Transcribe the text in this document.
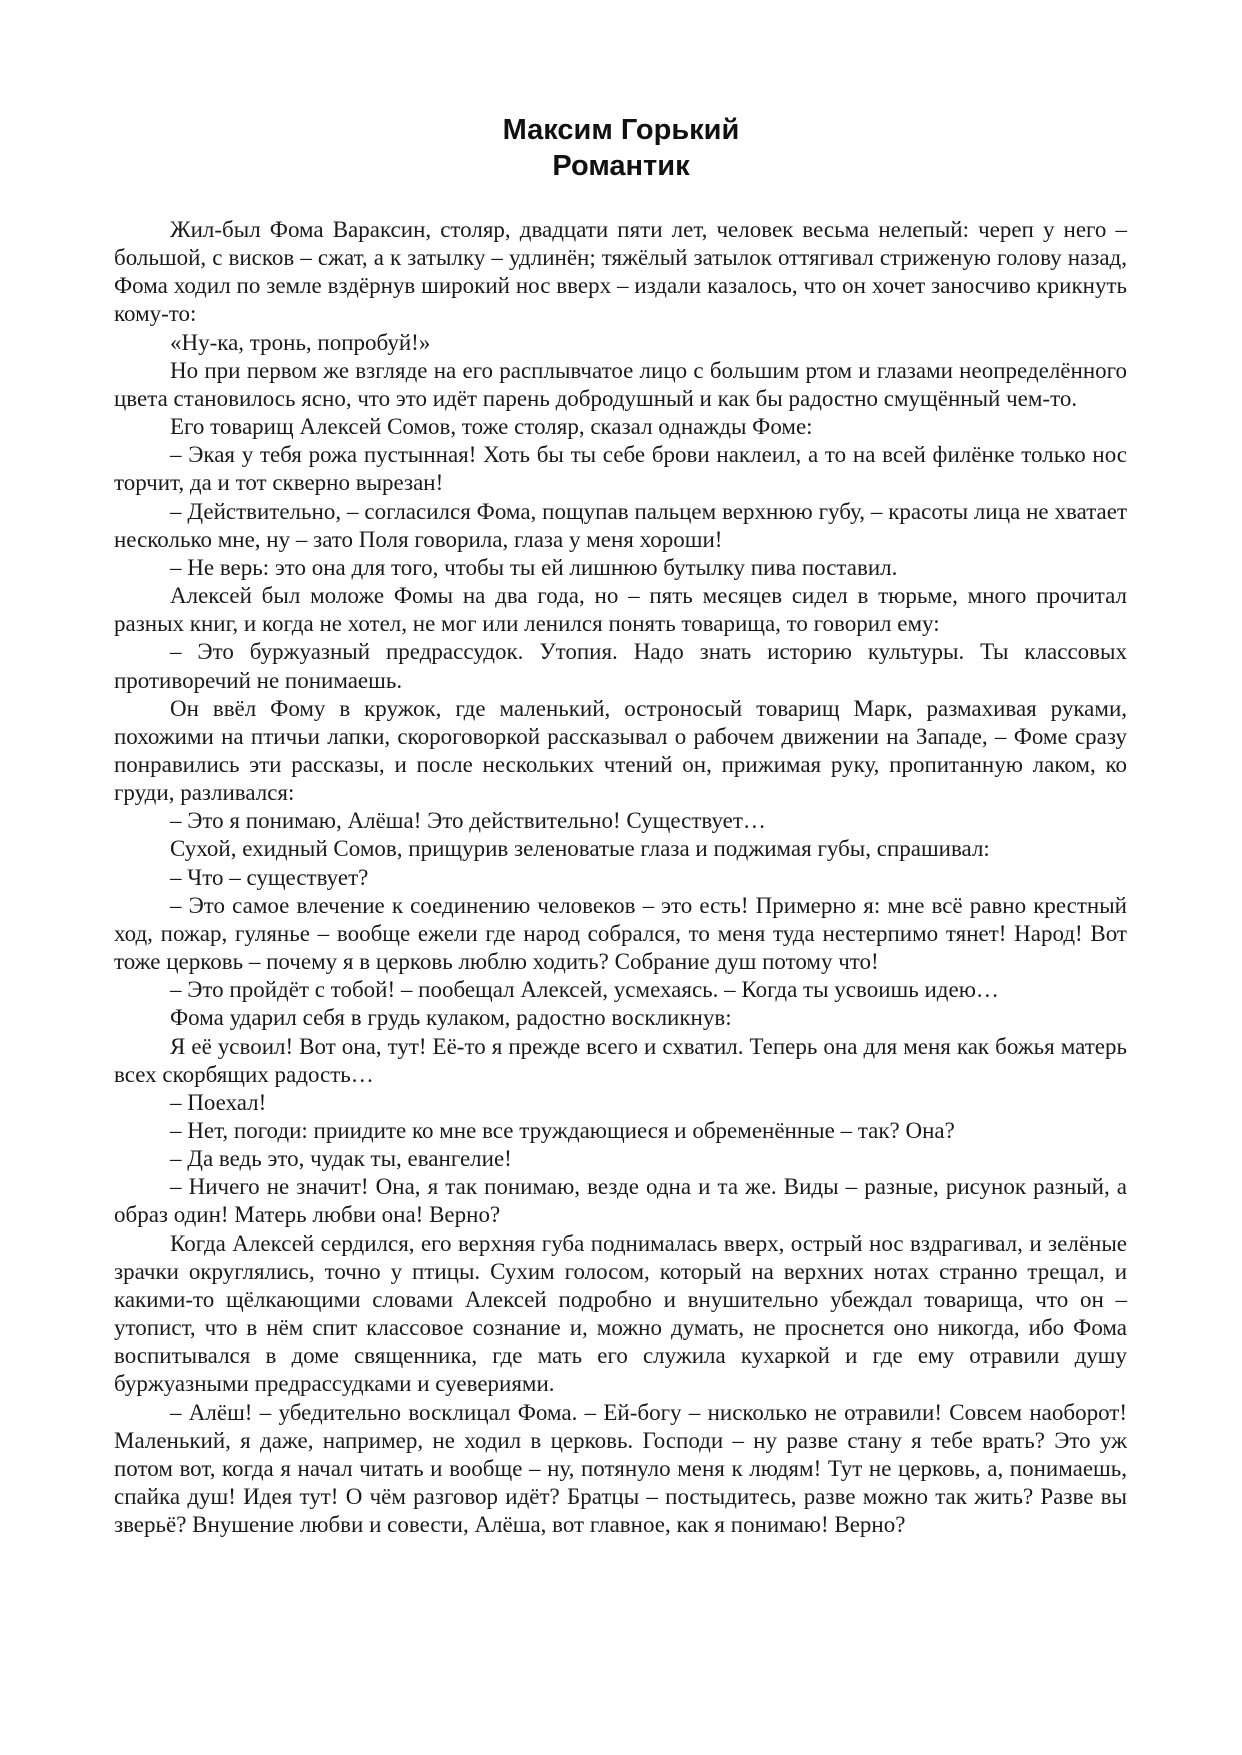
Максим Горький
Романтик

Жил-был Фома Вараксин, столяр, двадцати пяти лет, человек весьма нелепый: череп у него – большой, с висков – сжат, а к затылку – удлинён; тяжёлый затылок оттягивал стриженую голову назад, Фома ходил по земле вздёрнув широкий нос вверх – издали казалось, что он хочет заносчиво крикнуть кому-то:

«Ну-ка, тронь, попробуй!»

Но при первом же взгляде на его расплывчатое лицо с большим ртом и глазами неопределённого цвета становилось ясно, что это идёт парень добродушный и как бы радостно смущённый чем-то.

Его товарищ Алексей Сомов, тоже столяр, сказал однажды Фоме:

– Экая у тебя рожа пустынная! Хоть бы ты себе брови наклеил, а то на всей филёнке только нос торчит, да и тот скверно вырезан!

– Действительно, – согласился Фома, пощупав пальцем верхнюю губу, – красоты лица не хватает несколько мне, ну – зато Поля говорила, глаза у меня хороши!

– Не верь: это она для того, чтобы ты ей лишнюю бутылку пива поставил.

Алексей был моложе Фомы на два года, но – пять месяцев сидел в тюрьме, много прочитал разных книг, и когда не хотел, не мог или ленился понять товарища, то говорил ему:

– Это буржуазный предрассудок. Утопия. Надо знать историю культуры. Ты классовых противоречий не понимаешь.

Он ввёл Фому в кружок, где маленький, остроносый товарищ Марк, размахивая руками, похожими на птичьи лапки, скороговоркой рассказывал о рабочем движении на Западе, – Фоме сразу понравились эти рассказы, и после нескольких чтений он, прижимая руку, пропитанную лаком, ко груди, разливался:

– Это я понимаю, Алёша! Это действительно! Существует…

Сухой, ехидный Сомов, прищурив зеленоватые глаза и поджимая губы, спрашивал:

– Что – существует?

– Это самое влечение к соединению человеков – это есть! Примерно я: мне всё равно крестный ход, пожар, гулянье – вообще ежели где народ собрался, то меня туда нестерпимо тянет! Народ! Вот тоже церковь – почему я в церковь люблю ходить? Собрание душ потому что!

– Это пройдёт с тобой! – пообещал Алексей, усмехаясь. – Когда ты усвоишь идею…

Фома ударил себя в грудь кулаком, радостно воскликнув:

Я её усвоил! Вот она, тут! Её-то я прежде всего и схватил. Теперь она для меня как божья матерь всех скорбящих радость…

– Поехал!

– Нет, погоди: приидите ко мне все труждающиеся и обременённые – так? Она?

– Да ведь это, чудак ты, евангелие!

– Ничего не значит! Она, я так понимаю, везде одна и та же. Виды – разные, рисунок разный, а образ один! Матерь любви она! Верно?

Когда Алексей сердился, его верхняя губа поднималась вверх, острый нос вздрагивал, и зелёные зрачки округлялись, точно у птицы. Сухим голосом, который на верхних нотах странно трещал, и какими-то щёлкающими словами Алексей подробно и внушительно убеждал товарища, что он – утопист, что в нём спит классовое сознание и, можно думать, не проснется оно никогда, ибо Фома воспитывался в доме священника, где мать его служила кухаркой и где ему отравили душу буржуазными предрассудками и суевериями.

– Алёш! – убедительно восклицал Фома. – Ей-богу – нисколько не отравили! Совсем наоборот! Маленький, я даже, например, не ходил в церковь. Господи – ну разве стану я тебе врать? Это уж потом вот, когда я начал читать и вообще – ну, потянуло меня к людям! Тут не церковь, а, понимаешь, спайка душ! Идея тут! О чём разговор идёт? Братцы – постыдитесь, разве можно так жить? Разве вы зверьё? Внушение любви и совести, Алёша, вот главное, как я понимаю! Верно?
